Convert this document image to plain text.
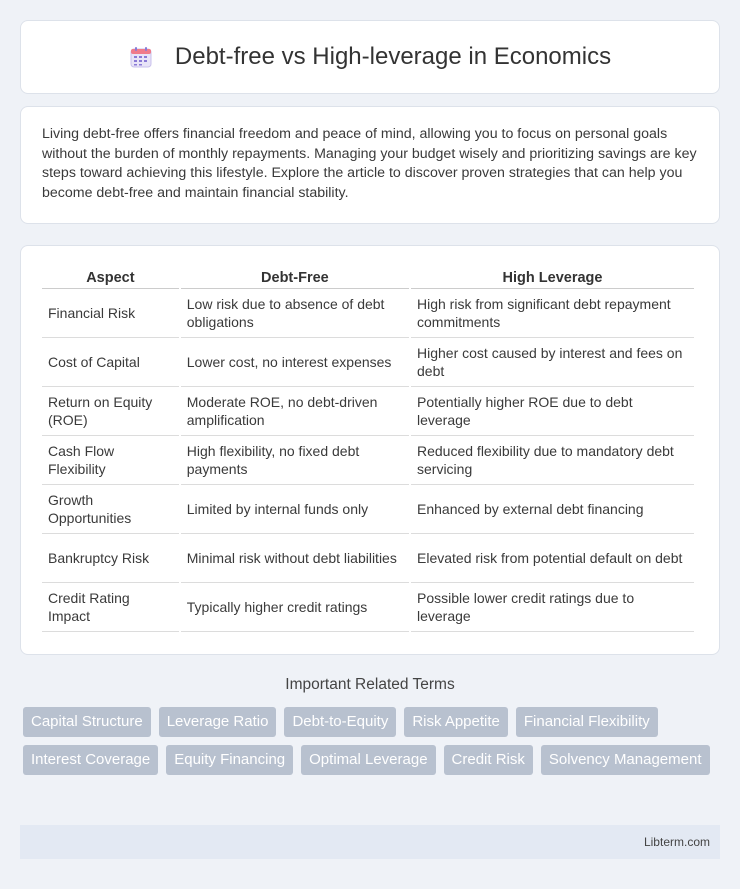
Debt-free vs High-leverage in Economics

Living debt-free offers financial freedom and peace of mind, allowing you to focus on personal goals without the burden of monthly repayments. Managing your budget wisely and prioritizing savings are key steps toward achieving this lifestyle. Explore the article to discover proven strategies that can help you become debt-free and maintain financial stability.

Aspect	Debt-Free	High Leverage
Financial Risk	Low risk due to absence of debt obligations	High risk from significant debt repayment commitments
Cost of Capital	Lower cost, no interest expenses	Higher cost caused by interest and fees on debt
Return on Equity (ROE)	Moderate ROE, no debt-driven amplification	Potentially higher ROE due to debt leverage
Cash Flow Flexibility	High flexibility, no fixed debt payments	Reduced flexibility due to mandatory debt servicing
Growth Opportunities	Limited by internal funds only	Enhanced by external debt financing
Bankruptcy Risk	Minimal risk without debt liabilities	Elevated risk from potential default on debt
Credit Rating Impact	Typically higher credit ratings	Possible lower credit ratings due to leverage
Important Related Terms
Capital Structure	Leverage Ratio	Debt-to-Equity	Risk Appetite	Financial Flexibility
Interest Coverage	Equity Financing	Optimal Leverage	Credit Risk	Solvency Management
Libterm.com
